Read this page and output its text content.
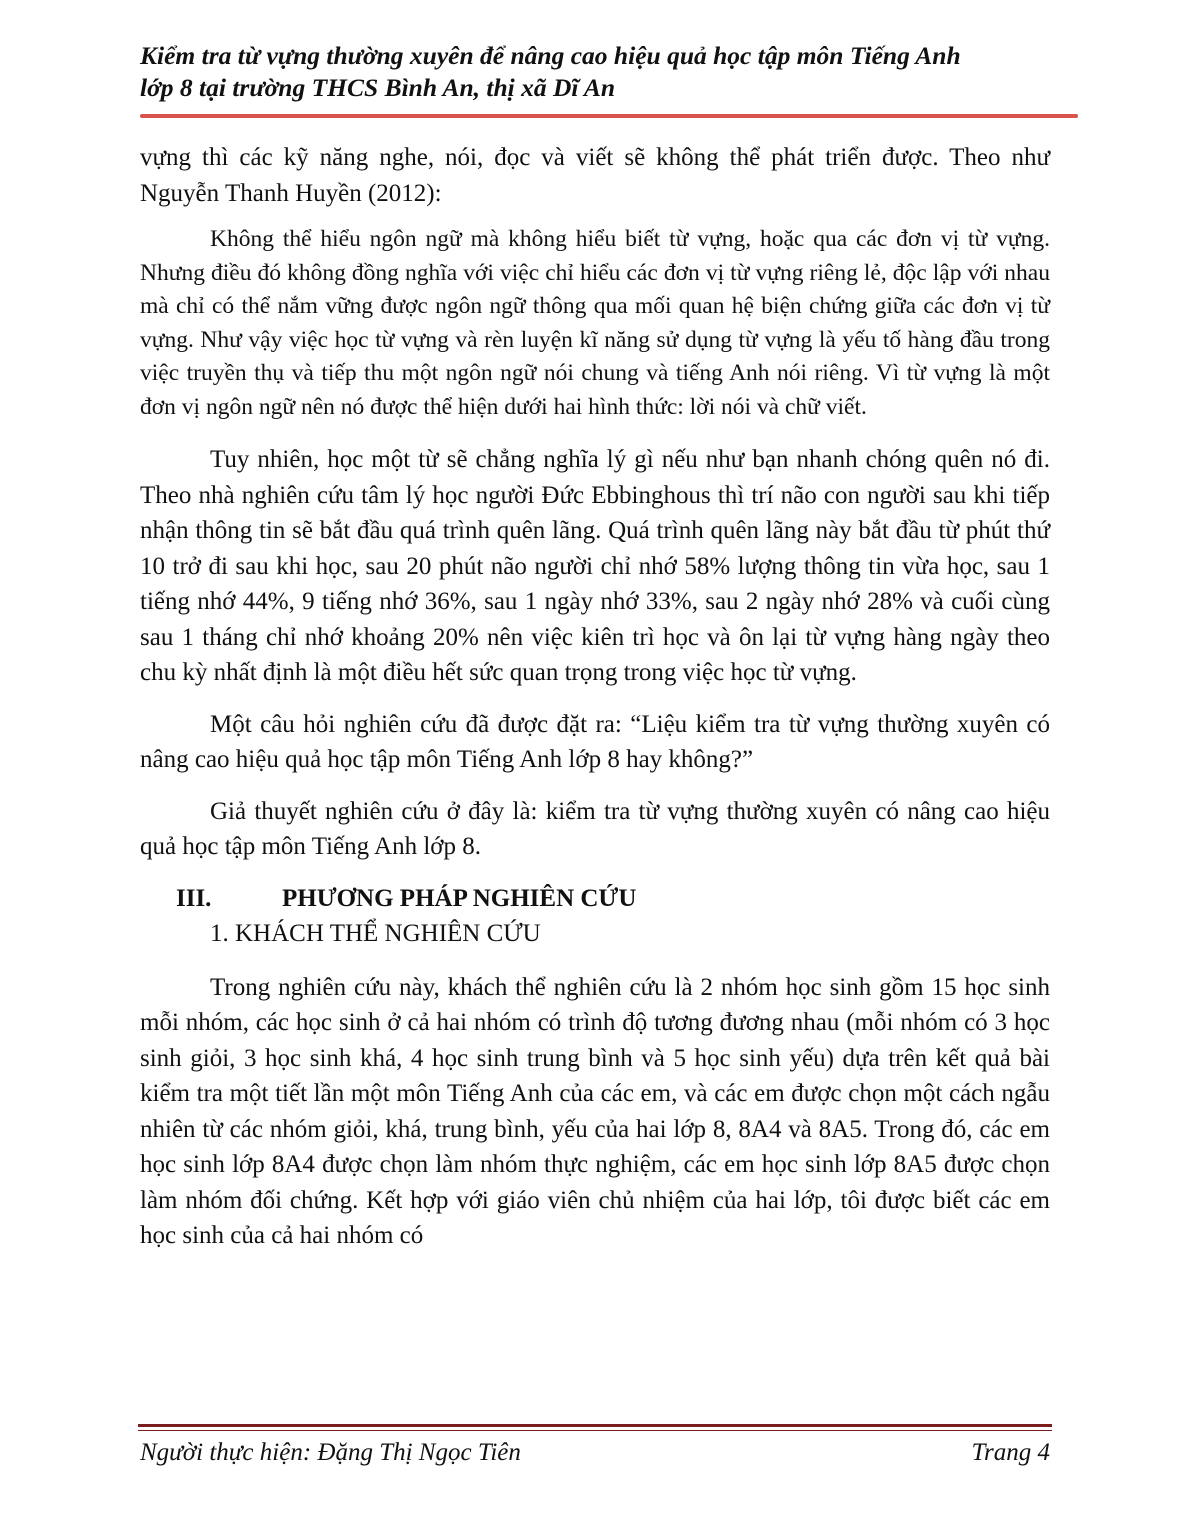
Kiểm tra từ vựng thường xuyên để nâng cao hiệu quả học tập môn Tiếng Anh

lớp 8 tại trường THCS Bình An, thị xã Dĩ An

vựng thì các kỹ năng nghe, nói, đọc và viết sẽ không thể phát triển được. Theo như Nguyễn Thanh Huyền (2012):

Không thể hiểu ngôn ngữ mà không hiểu biết từ vựng, hoặc qua các đơn vị từ vựng. Nhưng điều đó không đồng nghĩa với việc chỉ hiểu các đơn vị từ vựng riêng lẻ, độc lập với nhau mà chỉ có thể nắm vững được ngôn ngữ thông qua mối quan hệ biện chứng giữa các đơn vị từ vựng. Như vậy việc học từ vựng và rèn luyện kĩ năng sử dụng từ vựng là yếu tố hàng đầu trong việc truyền thụ và tiếp thu một ngôn ngữ nói chung và tiếng Anh nói riêng. Vì từ vựng là một đơn vị ngôn ngữ nên nó được thể hiện dưới hai hình thức: lời nói và chữ viết.

Tuy nhiên, học một từ sẽ chẳng nghĩa lý gì nếu như bạn nhanh chóng quên nó đi. Theo nhà nghiên cứu tâm lý học người Đức Ebbinghous thì trí não con người sau khi tiếp nhận thông tin sẽ bắt đầu quá trình quên lãng. Quá trình quên lãng này bắt đầu từ phút thứ 10 trở đi sau khi học, sau 20 phút não người chỉ nhớ 58% lượng thông tin vừa học, sau 1 tiếng nhớ 44%, 9 tiếng nhớ 36%, sau 1 ngày nhớ 33%, sau 2 ngày nhớ 28% và cuối cùng sau 1 tháng chỉ nhớ khoảng 20% nên việc kiên trì học và ôn lại từ vựng hàng ngày theo chu kỳ nhất định là một điều hết sức quan trọng trong việc học từ vựng.

Một câu hỏi nghiên cứu đã được đặt ra: “Liệu kiểm tra từ vựng thường xuyên có nâng cao hiệu quả học tập môn Tiếng Anh lớp 8 hay không?”

Giả thuyết nghiên cứu ở đây là: kiểm tra từ vựng thường xuyên có nâng cao hiệu quả học tập môn Tiếng Anh lớp 8.

III.	PHƯƠNG PHÁP NGHIÊN CỨU

1. KHÁCH THỂ NGHIÊN CỨU

Trong nghiên cứu này, khách thể nghiên cứu là 2 nhóm học sinh gồm 15 học sinh mỗi nhóm, các học sinh ở cả hai nhóm có trình độ tương đương nhau (mỗi nhóm có 3 học sinh giỏi, 3 học sinh khá, 4 học sinh trung bình và 5 học sinh yếu) dựa trên kết quả bài kiểm tra một tiết lần một môn Tiếng Anh của các em, và các em được chọn một cách ngẫu nhiên từ các nhóm giỏi, khá, trung bình, yếu của hai lớp 8, 8A4 và 8A5. Trong đó, các em học sinh lớp 8A4 được chọn làm nhóm thực nghiệm, các em học sinh lớp 8A5 được chọn làm nhóm đối chứng. Kết hợp với giáo viên chủ nhiệm của hai lớp, tôi được biết các em học sinh của cả hai nhóm có

Người thực hiện: Đặng Thị Ngọc Tiên	Trang 4
